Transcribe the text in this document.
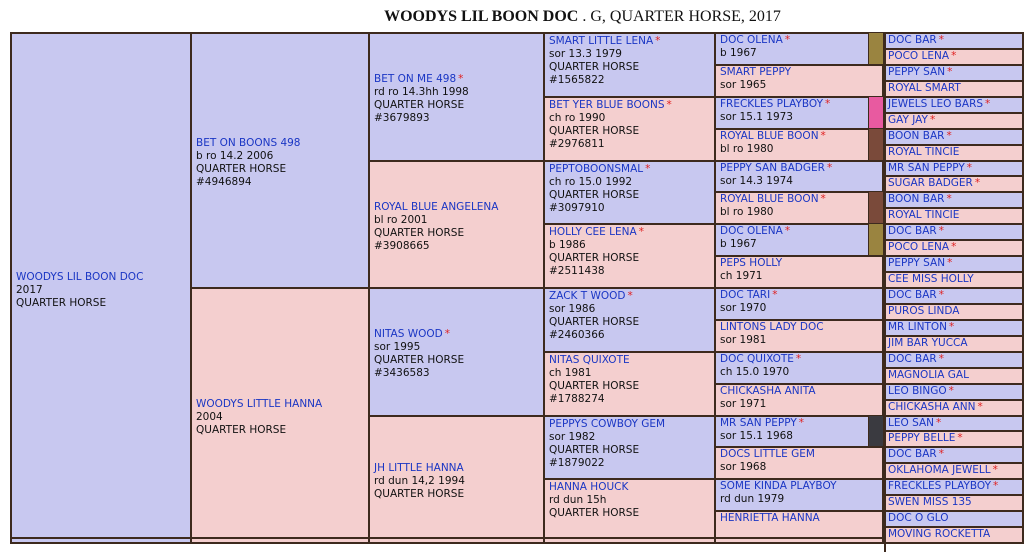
WOODYS LIL BOON DOC . G, QUARTER HORSE, 2017
WOODYS LIL BOON DOC
2017
QUARTER HORSE
BET ON BOONS 498
b ro 14.2 2006
QUARTER HORSE
#4946894
WOODYS LITTLE HANNA
2004
QUARTER HORSE
BET ON ME 498 *
rd ro 14.3hh 1998
QUARTER HORSE
#3679893
ROYAL BLUE ANGELENA
bl ro 2001
QUARTER HORSE
#3908665
NITAS WOOD *
sor 1995
QUARTER HORSE
#3436583
JH LITTLE HANNA
rd dun 14,2 1994
QUARTER HORSE
SMART LITTLE LENA *
sor 13.3 1979
QUARTER HORSE
#1565822
BET YER BLUE BOONS *
ch ro 1990
QUARTER HORSE
#2976811
PEPTOBOONSMAL *
ch ro 15.0 1992
QUARTER HORSE
#3097910
HOLLY CEE LENA *
b 1986
QUARTER HORSE
#2511438
ZACK T WOOD *
sor 1986
QUARTER HORSE
#2460366
NITAS QUIXOTE
ch 1981
QUARTER HORSE
#1788274
PEPPYS COWBOY GEM
sor 1982
QUARTER HORSE
#1879022
HANNA HOUCK
rd dun 15h
QUARTER HORSE
DOC OLENA *
b 1967
SMART PEPPY
sor 1965
FRECKLES PLAYBOY *
sor 15.1 1973
ROYAL BLUE BOON *
bl ro 1980
PEPPY SAN BADGER *
sor 14.3 1974
ROYAL BLUE BOON *
bl ro 1980
DOC OLENA *
b 1967
PEPS HOLLY
ch 1971
DOC TARI *
sor 1970
LINTONS LADY DOC
sor 1981
DOC QUIXOTE *
ch 15.0 1970
CHICKASHA ANITA
sor 1971
MR SAN PEPPY *
sor 15.1 1968
DOCS LITTLE GEM
sor 1968
SOME KINDA PLAYBOY
rd dun 1979
HENRIETTA HANNA
DOC BAR *
POCO LENA *
PEPPY SAN *
ROYAL SMART
JEWELS LEO BARS *
GAY JAY *
BOON BAR *
ROYAL TINCIE
MR SAN PEPPY *
SUGAR BADGER *
BOON BAR *
ROYAL TINCIE
DOC BAR *
POCO LENA *
PEPPY SAN *
CEE MISS HOLLY
DOC BAR *
PUROS LINDA
MR LINTON *
JIM BAR YUCCA
DOC BAR *
MAGNOLIA GAL
LEO BINGO *
CHICKASHA ANN *
LEO SAN *
PEPPY BELLE *
DOC BAR *
OKLAHOMA JEWELL *
FRECKLES PLAYBOY *
SWEN MISS 135
DOC O GLO
MOVING ROCKETTA
